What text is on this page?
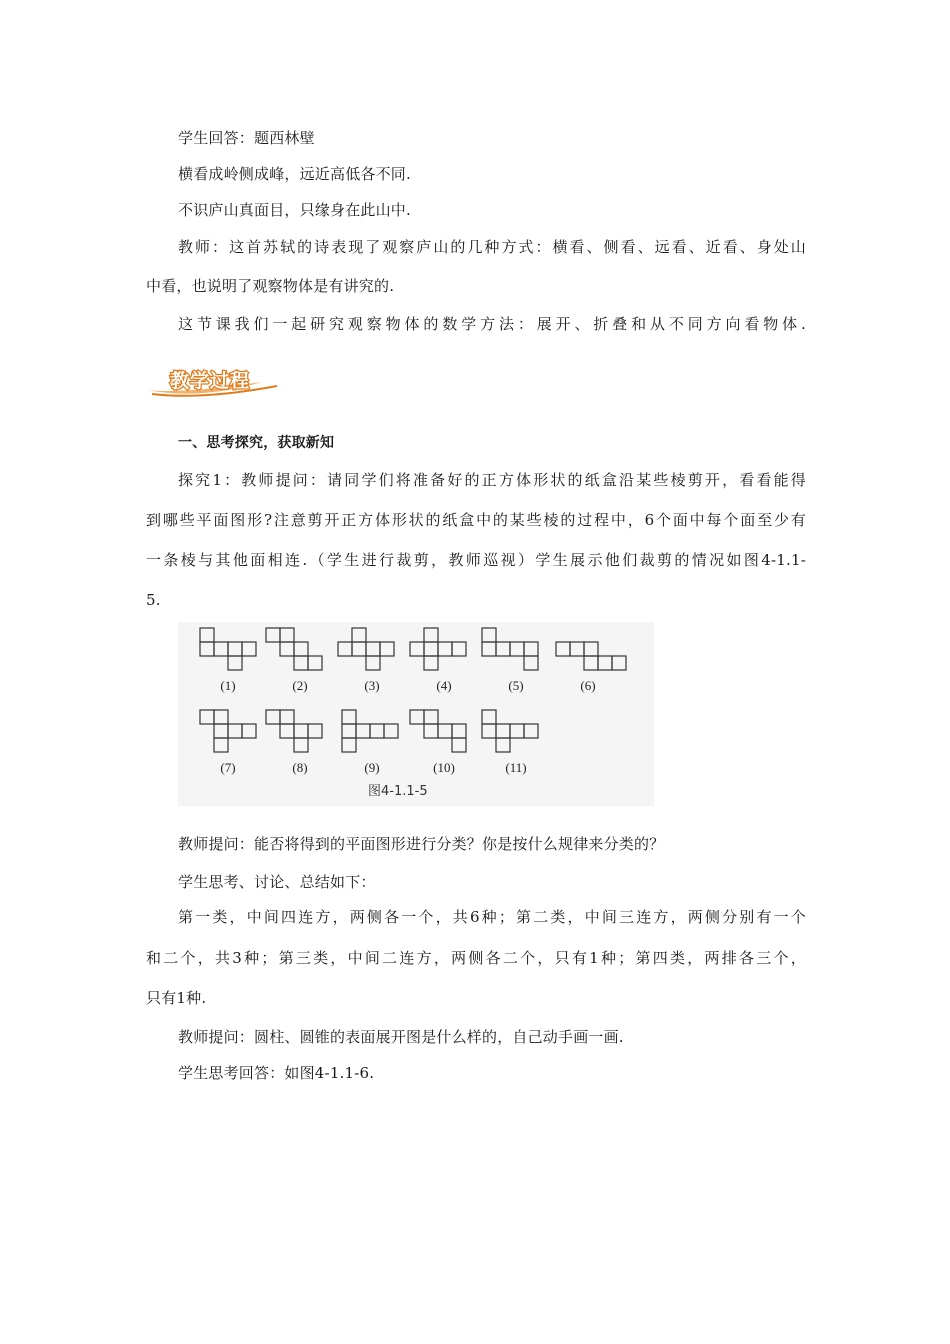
学生回答：题西林壁
横看成岭侧成峰，远近高低各不同.
不识庐山真面目，只缘身在此山中.
教师：这首苏轼的诗表现了观察庐山的几种方式：横看、侧看、远看、近看、身处山
中看，也说明了观察物体是有讲究的.
这节课我们一起研究观察物体的数学方法：展开、折叠和从不同方向看物体.
教学过程
一、思考探究，获取新知
探究1：教师提问：请同学们将准备好的正方体形状的纸盒沿某些棱剪开，看看能得
到哪些平面图形?注意剪开正方体形状的纸盒中的某些棱的过程中，6个面中每个面至少有
一条棱与其他面相连.（学生进行裁剪，教师巡视）学生展示他们裁剪的情况如图4-1.1-
5.
(1)	(2)	(3)	(4)	(5)	(6)
(7)	(8)	(9)	(10)	(11)
图4-1.1-5
教师提问：能否将得到的平面图形进行分类？你是按什么规律来分类的？
学生思考、讨论、总结如下：
第一类，中间四连方，两侧各一个，共6种；第二类，中间三连方，两侧分别有一个
和二个，共3种；第三类，中间二连方，两侧各二个，只有1种；第四类，两排各三个，
只有1种.
教师提问：圆柱、圆锥的表面展开图是什么样的，自己动手画一画.
学生思考回答：如图4-1.1-6.
